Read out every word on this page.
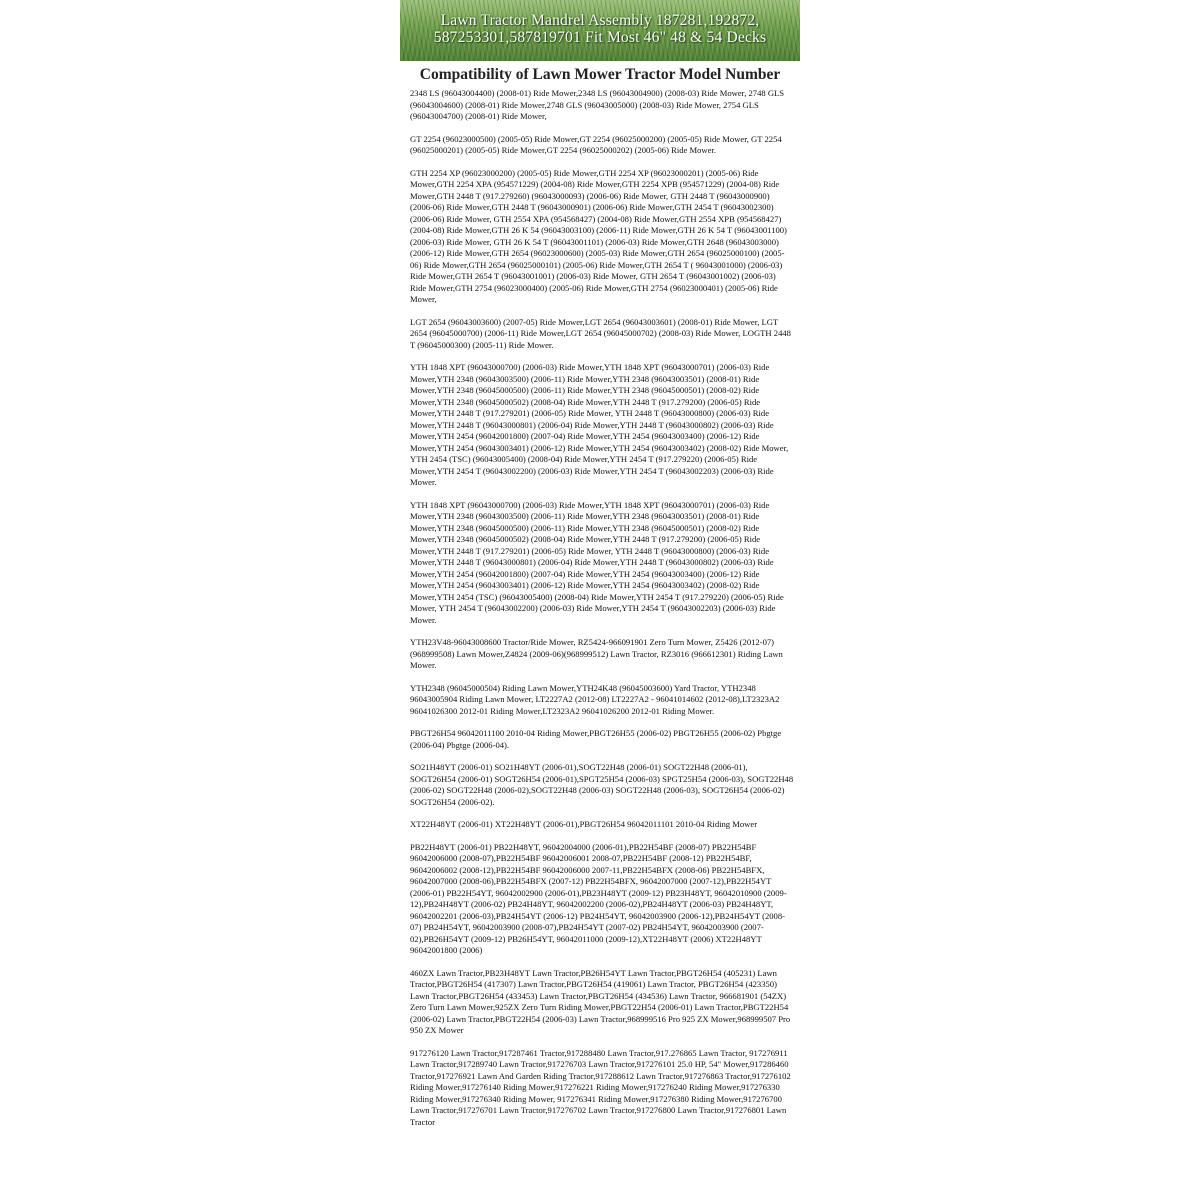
Lawn Tractor Mandrel Assembly 187281,192872,
587253301,587819701 Fit Most 46" 48 & 54 Decks
Compatibility of Lawn Mower Tractor Model Number

2348 LS (96043004400) (2008-01) Ride Mower,2348 LS (96043004900) (2008-03) Ride Mower, 2748 GLS (96043004600) (2008-01) Ride Mower,2748 GLS (96043005000) (2008-03) Ride Mower, 2754 GLS (96043004700) (2008-01) Ride Mower,

GT 2254 (96023000500) (2005-05) Ride Mower,GT 2254 (96025000200) (2005-05) Ride Mower, GT 2254 (96025000201) (2005-05) Ride Mower,GT 2254 (96025000202) (2005-06) Ride Mower.

GTH 2254 XP (96023000200) (2005-05) Ride Mower,GTH 2254 XP (96023000201) (2005-06) Ride Mower,GTH 2254 XPA (954571229) (2004-08) Ride Mower,GTH 2254 XPB (954571229) (2004-08) Ride Mower,GTH 2448 T (917.279260) (96043000093) (2006-06) Ride Mower, GTH 2448 T (96043000900) (2006-06) Ride Mower,GTH 2448 T (96043000901) (2006-06) Ride Mower,GTH 2454 T (96043002300) (2006-06) Ride Mower, GTH 2554 XPA (954568427) (2004-08) Ride Mower,GTH 2554 XPB (954568427) (2004-08) Ride Mower,GTH 26 K 54 (96043003100) (2006-11) Ride Mower,GTH 26 K 54 T (96043001100) (2006-03) Ride Mower, GTH 26 K 54 T (96043001101) (2006-03) Ride Mower,GTH 2648 (96043003000) (2006-12) Ride Mower,GTH 2654 (96023000600) (2005-03) Ride Mower,GTH 2654 (96025000100) (2005-06) Ride Mower,GTH 2654 (96025000101) (2005-06) Ride Mower,GTH 2654 T ( 96043001000) (2006-03) Ride Mower,GTH 2654 T (96043001001) (2006-03) Ride Mower, GTH 2654 T (96043001002) (2006-03) Ride Mower,GTH 2754 (96023000400) (2005-06) Ride Mower,GTH 2754 (96023000401) (2005-06) Ride Mower,

LGT 2654 (96043003600) (2007-05) Ride Mower,LGT 2654 (96043003601) (2008-01) Ride Mower, LGT 2654 (96045000700) (2006-11) Ride Mower,LGT 2654 (96045000702) (2008-03) Ride Mower, LOGTH 2448 T (96045000300) (2005-11) Ride Mower.

YTH 1848 XPT (96043000700) (2006-03) Ride Mower,YTH 1848 XPT (96043000701) (2006-03) Ride Mower,YTH 2348 (96043003500) (2006-11) Ride Mower,YTH 2348 (96043003501) (2008-01) Ride Mower,YTH 2348 (96045000500) (2006-11) Ride Mower,YTH 2348 (96045000501) (2008-02) Ride Mower,YTH 2348 (96045000502) (2008-04) Ride Mower,YTH 2448 T (917.279200) (2006-05) Ride Mower,YTH 2448 T (917.279201) (2006-05) Ride Mower, YTH 2448 T (96043000800) (2006-03) Ride Mower,YTH 2448 T (96043000801) (2006-04) Ride Mower,YTH 2448 T (96043000802) (2006-03) Ride Mower,YTH 2454 (96042001800) (2007-04) Ride Mower,YTH 2454 (96043003400) (2006-12) Ride Mower,YTH 2454 (96043003401) (2006-12) Ride Mower,YTH 2454 (96043003402) (2008-02) Ride Mower, YTH 2454 (TSC) (96043005400) (2008-04) Ride Mower,YTH 2454 T (917.279220) (2006-05) Ride Mower,YTH 2454 T (96043002200) (2006-03) Ride Mower,YTH 2454 T (96043002203) (2006-03) Ride Mower.

YTH 1848 XPT (96043000700) (2006-03) Ride Mower,YTH 1848 XPT (96043000701) (2006-03) Ride Mower,YTH 2348 (96043003500) (2006-11) Ride Mower,YTH 2348 (96043003501) (2008-01) Ride Mower,YTH 2348 (96045000500) (2006-11) Ride Mower,YTH 2348 (96045000501) (2008-02) Ride Mower,YTH 2348 (96045000502) (2008-04) Ride Mower,YTH 2448 T (917.279200) (2006-05) Ride Mower,YTH 2448 T (917.279201) (2006-05) Ride Mower, YTH 2448 T (96043000800) (2006-03) Ride Mower,YTH 2448 T (96043000801) (2006-04) Ride Mower,YTH 2448 T (96043000802) (2006-03) Ride Mower,YTH 2454 (96042001800) (2007-04) Ride Mower,YTH 2454 (96043003400) (2006-12) Ride Mower,YTH 2454 (96043003401) (2006-12) Ride Mower,YTH 2454 (96043003402) (2008-02) Ride Mower,YTH 2454 (TSC) (96043005400) (2008-04) Ride Mower,YTH 2454 T (917.279220) (2006-05) Ride Mower, YTH 2454 T (96043002200) (2006-03) Ride Mower,YTH 2454 T (96043002203) (2006-03) Ride Mower.

YTH23V48-96043008600 Tractor/Ride Mower, RZ5424-966091901 Zero Turn Mower, Z5426 (2012-07)(968999508) Lawn Mower,Z4824 (2009-06)(968999512) Lawn Tractor, RZ3016 (966612301) Riding Lawn Mower.

YTH2348 (96045000504) Riding Lawn Mower,YTH24K48 (96045003600) Yard Tractor, YTH2348 96043005904 Riding Lawn Mower, LT2227A2 (2012-08) LT2227A2 - 96041014602 (2012-08),LT2323A2 96041026300 2012-01 Riding Mower,LT2323A2 96041026200 2012-01 Riding Mower.

PBGT26H54 96042011100 2010-04 Riding Mower,PBGT26H55 (2006-02) PBGT26H55 (2006-02) Pbgtge (2006-04) Pbgtge (2006-04).

SO21H48YT (2006-01) SO21H48YT (2006-01),SOGT22H48 (2006-01) SOGT22H48 (2006-01), SOGT26H54 (2006-01) SOGT26H54 (2006-01),SPGT25H54 (2006-03) SPGT25H54 (2006-03), SOGT22H48 (2006-02) SOGT22H48 (2006-02),SOGT22H48 (2006-03) SOGT22H48 (2006-03), SOGT26H54 (2006-02) SOGT26H54 (2006-02).

XT22H48YT (2006-01) XT22H48YT (2006-01),PBGT26H54 96042011101 2010-04 Riding Mower

PB22H48YT (2006-01) PB22H48YT, 96042004000 (2006-01),PB22H54BF (2008-07) PB22H54BF 96042006000 (2008-07),PB22H54BF 96042006001 2008-07,PB22H54BF (2008-12) PB22H54BF, 96042006002 (2008-12),PB22H54BF 96042006000 2007-11,PB22H54BFX (2008-06) PB22H54BFX, 96042007000 (2008-06),PB22H54BFX (2007-12) PB22H54BFX, 96042007000 (2007-12),PB22H54YT (2006-01) PB22H54YT, 96042002900 (2006-01),PB23H48YT (2009-12) PB23H48YT, 96042010900 (2009-12),PB24H48YT (2006-02) PB24H48YT, 96042002200 (2006-02),PB24H48YT (2006-03) PB24H48YT, 96042002201 (2006-03),PB24H54YT (2006-12) PB24H54YT, 96042003900 (2006-12),PB24H54YT (2008-07) PB24H54YT, 96042003900 (2008-07),PB24H54YT (2007-02) PB24H54YT, 96042003900 (2007-02),PB26H54YT (2009-12) PB26H54YT, 96042011000 (2009-12),XT22H48YT (2006) XT22H48YT 96042001800 (2006)

460ZX Lawn Tractor,PB23H48YT Lawn Tractor,PB26H54YT Lawn Tractor,PBGT26H54 (405231) Lawn Tractor,PBGT26H54 (417307) Lawn Tractor,PBGT26H54 (419061) Lawn Tractor, PBGT26H54 (423350) Lawn Tractor,PBGT26H54 (433453) Lawn Tractor,PBGT26H54 (434536) Lawn Tractor, 966681901 (54ZX) Zero Turn Lawn Mower,925ZX Zero Turn Riding Mower,PBGT22H54 (2006-01) Lawn Tractor,PBGT22H54 (2006-02) Lawn Tractor,PBGT22H54 (2006-03) Lawn Tractor,968999516 Pro 925 ZX Mower,968999507 Pro 950 ZX Mower

917276120 Lawn Tractor,917287461 Tractor,917288480 Lawn Tractor,917.276865 Lawn Tractor, 917276911 Lawn Tractor,917289740 Lawn Tractor,917276703 Lawn Tractor,917276101 25.0 HP, 54" Mower,917286460 Tractor,917276921 Lawn And Garden Riding Tractor,917288612 Lawn Tractor,917276863 Tractor,917276102 Riding Mower,917276140 Riding Mower,917276221 Riding Mower,917276240 Riding Mower,917276330 Riding Mower,917276340 Riding Mower, 917276341 Riding Mower,917276380 Riding Mower,917276700 Lawn Tractor,917276701 Lawn Tractor,917276702 Lawn Tractor,917276800 Lawn Tractor,917276801 Lawn Tractor
